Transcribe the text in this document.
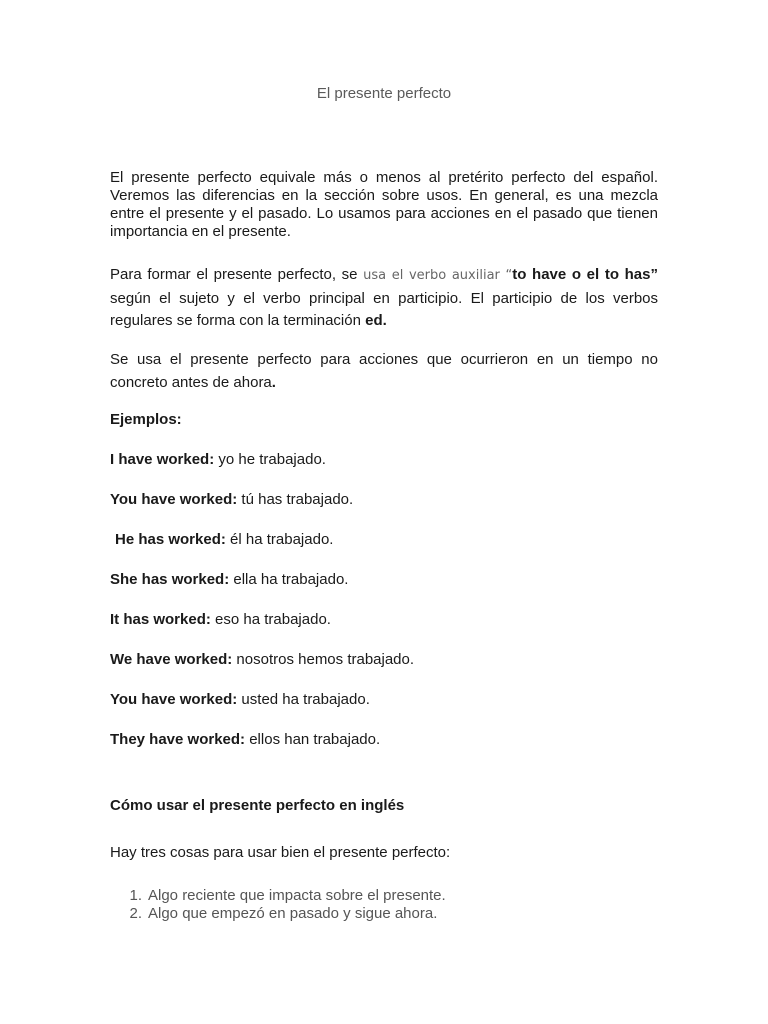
El presente perfecto
El presente perfecto equivale más o menos al pretérito perfecto del español. Veremos las diferencias en la sección sobre usos. En general, es una mezcla entre el presente y el pasado. Lo usamos para acciones en el pasado que tienen importancia en el presente.
Para formar el presente perfecto, se usa el verbo auxiliar “to have o el to has” según el sujeto y el verbo principal en participio. El participio de los verbos regulares se forma con la terminación ed.
Se usa el presente perfecto para acciones que ocurrieron en un tiempo no concreto antes de ahora.
Ejemplos:
I have worked: yo he trabajado.
You have worked: tú has trabajado.
He has worked: él ha trabajado.
She has worked: ella ha trabajado.
It has worked: eso ha trabajado.
We have worked: nosotros hemos trabajado.
You have worked: usted ha trabajado.
They have worked: ellos han trabajado.
Cómo usar el presente perfecto en inglés
Hay tres cosas para usar bien el presente perfecto:
1. Algo reciente que impacta sobre el presente.
2. Algo que empezó en pasado y sigue ahora.
